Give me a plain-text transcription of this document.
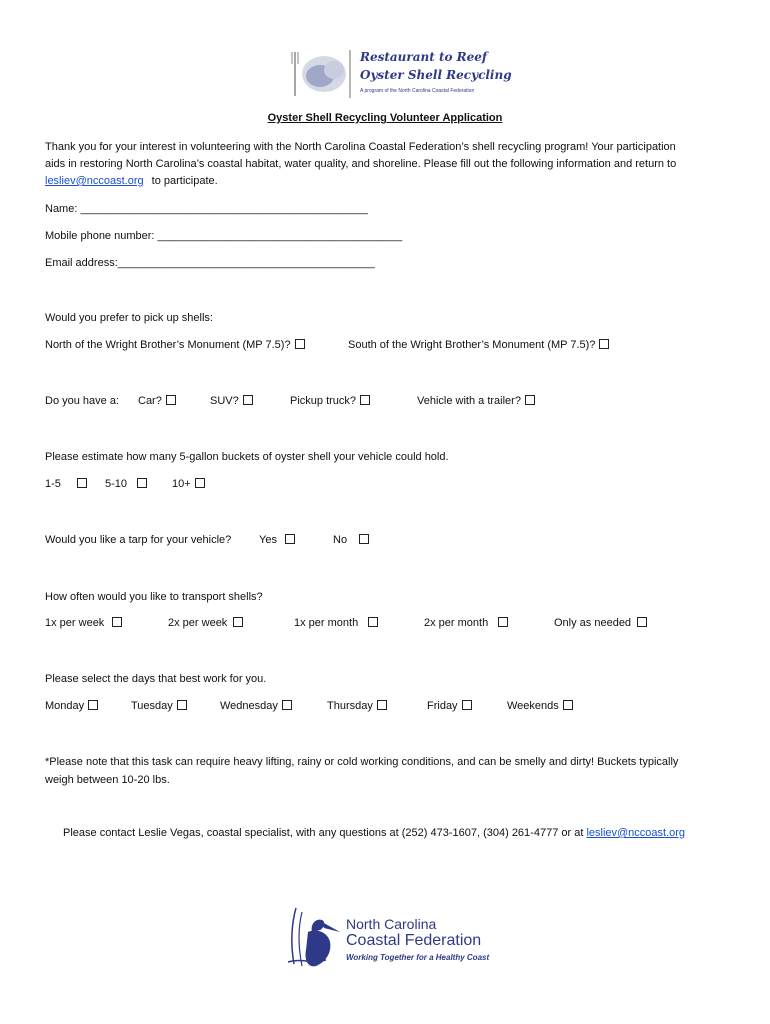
Restaurant to Reef
Oyster Shell Recycling
A program of the North Carolina Coastal Federation
Oyster Shell Recycling Volunteer Application
Thank you for your interest in volunteering with the North Carolina Coastal Federation’s shell recycling program! Your participation
aids in restoring North Carolina’s coastal habitat, water quality, and shoreline. Please fill out the following information and return to
lesliev@nccoast.org to participate.
Name: _______________________________________________
Mobile phone number: ________________________________________
Email address:__________________________________________
Would you prefer to pick up shells:
North of the Wright Brother’s Monument (MP 7.5)?	South of the Wright Brother’s Monument (MP 7.5)?
Do you have a: Car?	SUV?	Pickup truck?	Vehicle with a trailer?
Please estimate how many 5-gallon buckets of oyster shell your vehicle could hold.
1-5	5-10	10+
Would you like a tarp for your vehicle?	Yes	No
How often would you like to transport shells?
1x per week	2x per week	1x per month	2x per month	Only as needed
Please select the days that best work for you.
Monday	Tuesday	Wednesday	Thursday	Friday	Weekends
*Please note that this task can require heavy lifting, rainy or cold working conditions, and can be smelly and dirty! Buckets typically
weigh between 10-20 lbs.
Please contact Leslie Vegas, coastal specialist, with any questions at (252) 473-1607, (304) 261-4777 or at lesliev@nccoast.org
North Carolina
Coastal Federation
Working Together for a Healthy Coast
